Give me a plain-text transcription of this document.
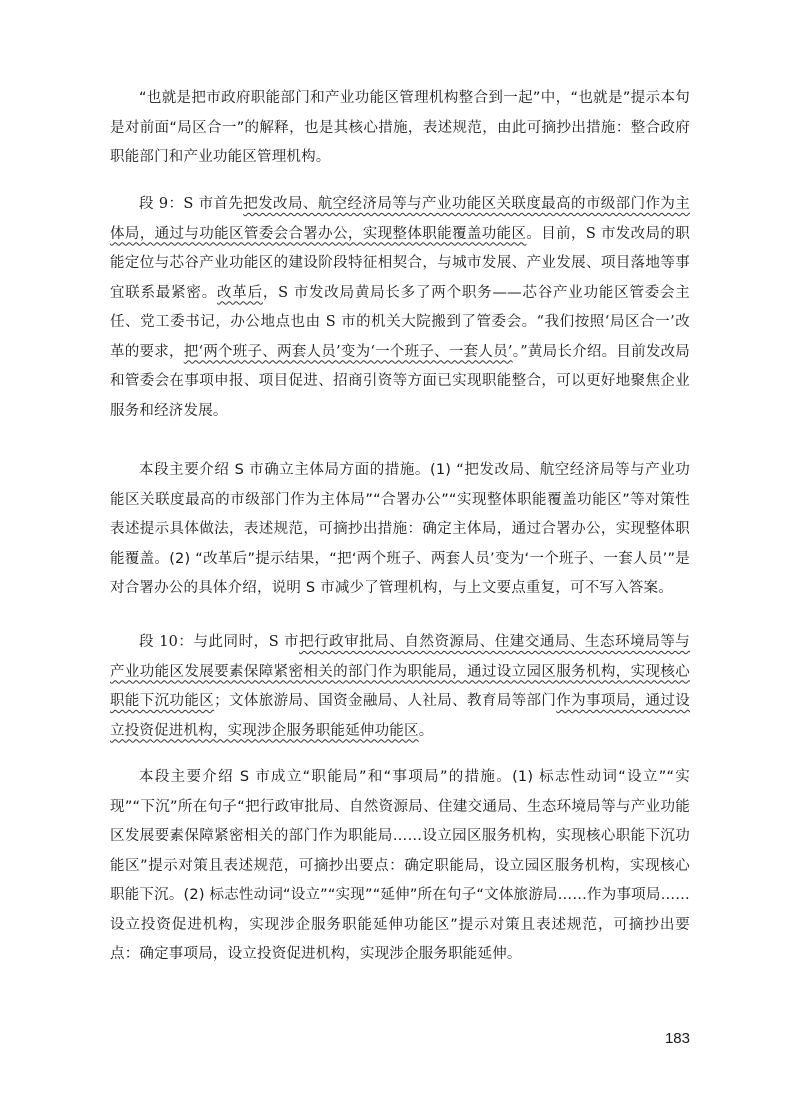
“也就是把市政府职能部门和产业功能区管理机构整合到一起”中，“也就是”提示本句是对前面“局区合一”的解释，也是其核心措施，表述规范，由此可摘抄出措施：整合政府职能部门和产业功能区管理机构。

段 9：S 市首先把发改局、航空经济局等与产业功能区关联度最高的市级部门作为主体局，通过与功能区管委会合署办公，实现整体职能覆盖功能区。目前，S 市发改局的职能定位与芯谷产业功能区的建设阶段特征相契合，与城市发展、产业发展、项目落地等事宜联系最紧密。改革后，S 市发改局黄局长多了两个职务——芯谷产业功能区管委会主任、党工委书记，办公地点也由 S 市的机关大院搬到了管委会。“我们按照‘局区合一’改革的要求，把‘两个班子、两套人员’变为‘一个班子、一套人员’。”黄局长介绍。目前发改局和管委会在事项申报、项目促进、招商引资等方面已实现职能整合，可以更好地聚焦企业服务和经济发展。

本段主要介绍 S 市确立主体局方面的措施。(1) “把发改局、航空经济局等与产业功能区关联度最高的市级部门作为主体局”“合署办公”“实现整体职能覆盖功能区”等对策性表述提示具体做法，表述规范，可摘抄出措施：确定主体局，通过合署办公，实现整体职能覆盖。(2) “改革后”提示结果，“把‘两个班子、两套人员’变为‘一个班子、一套人员’”是对合署办公的具体介绍，说明 S 市减少了管理机构，与上文要点重复，可不写入答案。

段 10：与此同时，S 市把行政审批局、自然资源局、住建交通局、生态环境局等与产业功能区发展要素保障紧密相关的部门作为职能局，通过设立园区服务机构，实现核心职能下沉功能区；文体旅游局、国资金融局、人社局、教育局等部门作为事项局，通过设立投资促进机构，实现涉企服务职能延伸功能区。

本段主要介绍 S 市成立“职能局”和“事项局”的措施。(1) 标志性动词“设立”“实现”“下沉”所在句子“把行政审批局、自然资源局、住建交通局、生态环境局等与产业功能区发展要素保障紧密相关的部门作为职能局……设立园区服务机构，实现核心职能下沉功能区”提示对策且表述规范，可摘抄出要点：确定职能局，设立园区服务机构，实现核心职能下沉。(2) 标志性动词“设立”“实现”“延伸”所在句子“文体旅游局……作为事项局……设立投资促进机构，实现涉企服务职能延伸功能区”提示对策且表述规范，可摘抄出要点：确定事项局，设立投资促进机构，实现涉企服务职能延伸。

183
